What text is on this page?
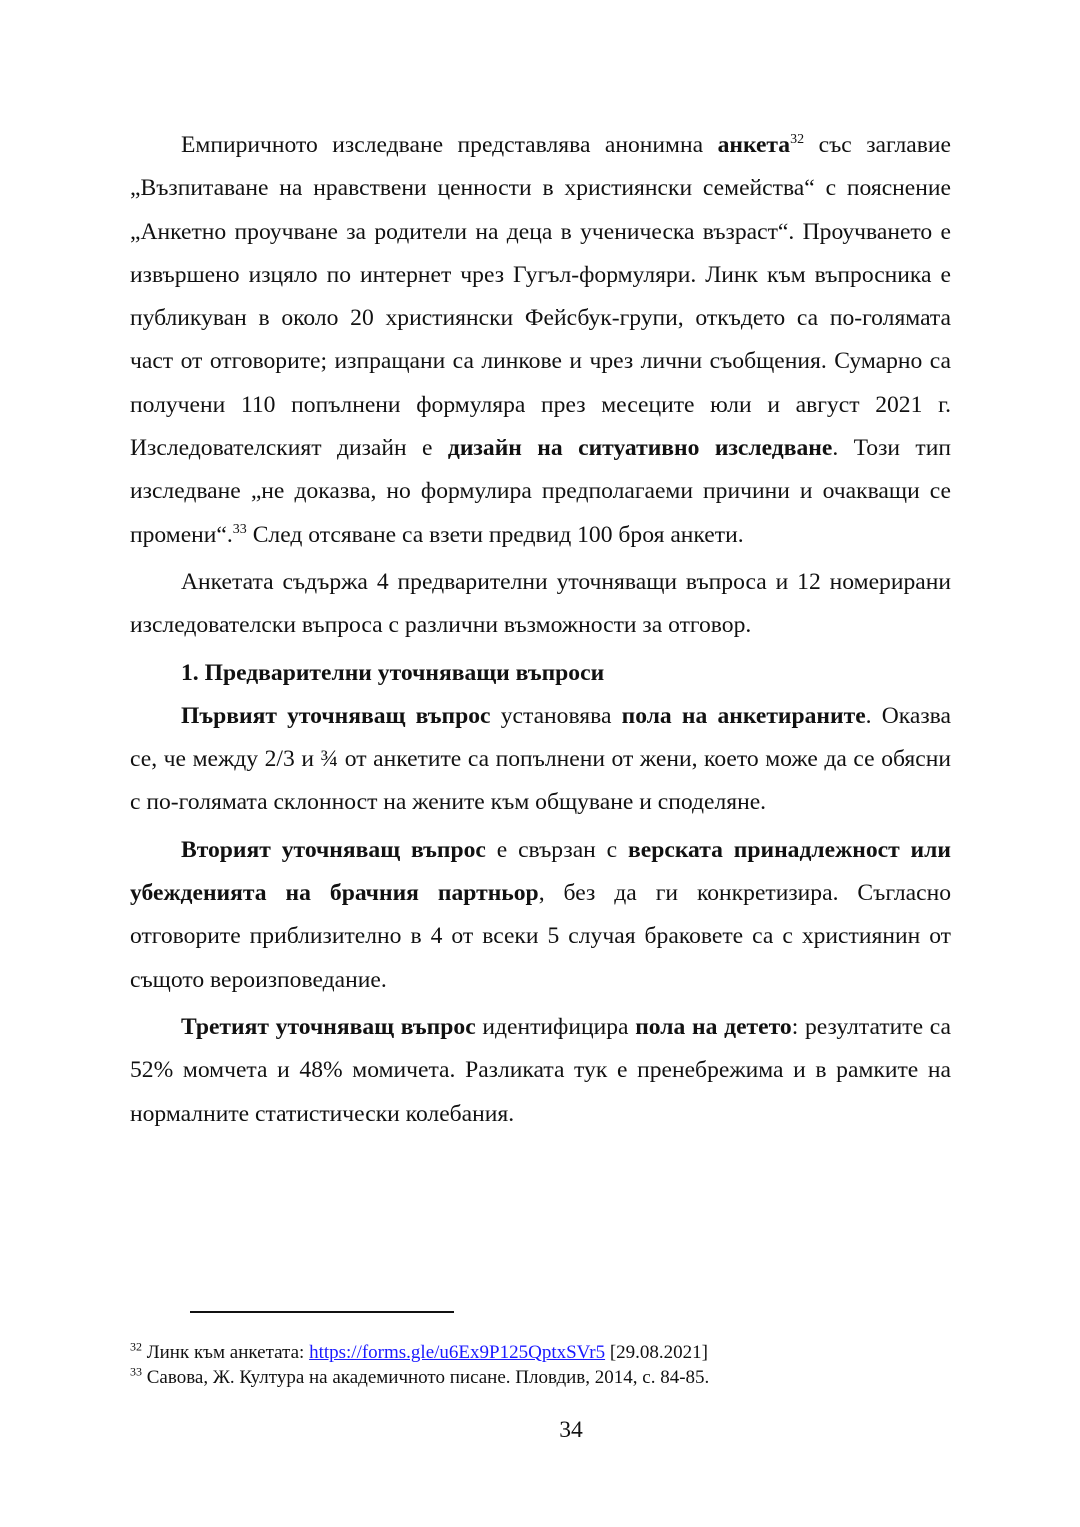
Емпиричното изследване представлява анонимна анкета$^{32}$ със заглавие „Възпитаване на нравствени ценности в християнски семейства“ с пояснение „Анкетно проучване за родители на деца в ученическа възраст“. Проучването е извършено изцяло по интернет чрез Гугъл-формуляри. Линк към въпросника е публикуван в около 20 християнски Фейсбук-групи, откъдето са по-голямата част от отговорите; изпращани са линкове и чрез лични съобщения. Сумарно са получени 110 попълнени формуляра през месеците юли и август 2021 г. Изследователският дизайн е дизайн на ситуативно изследване. Този тип изследване „не доказва, но формулира предполагаеми причини и очакващи се промени“.$^{33}$ След отсяване са взети предвид 100 броя анкети.

Анкетата съдържа 4 предварителни уточняващи въпроса и 12 номерирани изследователски въпроса с различни възможности за отговор.

1. Предварителни уточняващи въпроси

Първият уточняващ въпрос установява пола на анкетираните. Оказва се, че между 2/3 и ¾ от анкетите са попълнени от жени, което може да се обясни с по-голямата склонност на жените към общуване и споделяне.

Вторият уточняващ въпрос е свързан с верската принадлежност или убежденията на брачния партньор, без да ги конкретизира. Съгласно отговорите приблизително в 4 от всеки 5 случая браковете са с християнин от същото вероизповедание.

Третият уточняващ въпрос идентифицира пола на детето: резултатите са 52% момчета и 48% момичета. Разликата тук е пренебрежима и в рамките на нормалните статистически колебания.

$^{32}$ Линк към анкетата: https://forms.gle/u6Ex9P125QptxSVr5 [29.08.2021]

$^{33}$ Савова, Ж. Култура на академичното писане. Пловдив, 2014, с. 84-85.

34
